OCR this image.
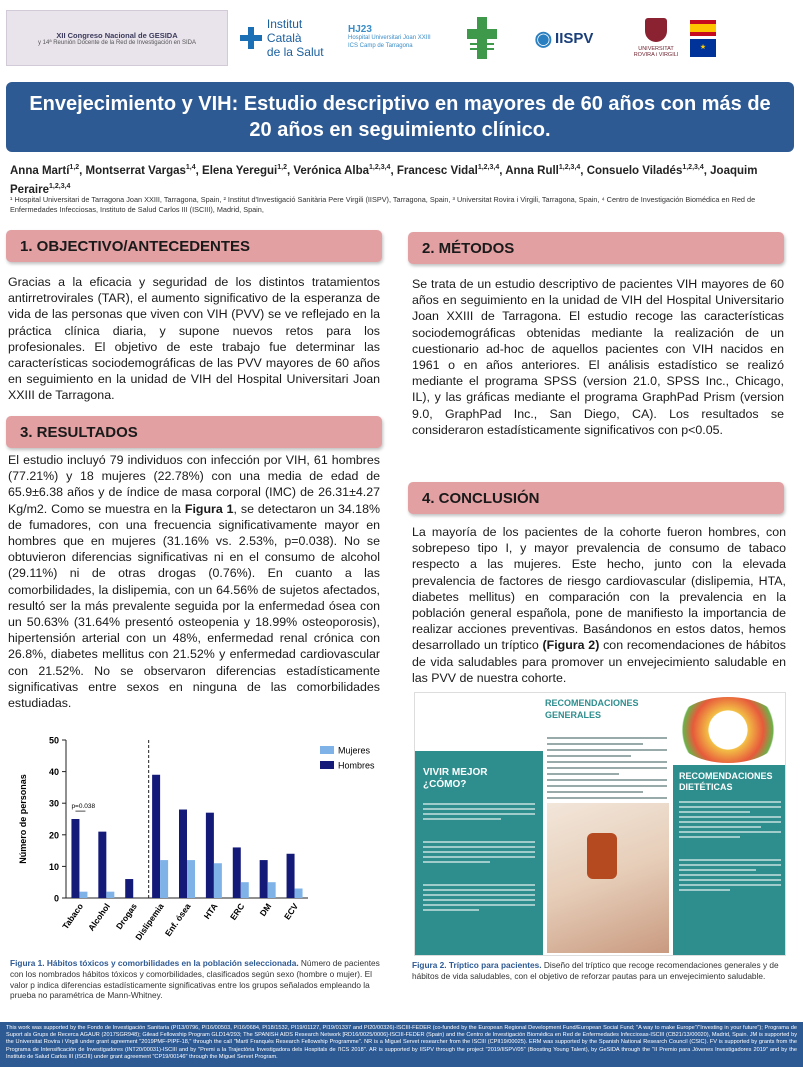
XII Congreso Nacional de GESIDA
y 14ª Reunión Docente de la Red de Investigación en SIDA
Institut Català
de la Salut
HJ23
Hospital Universitari Joan XXIII
ICS Camp de Tarragona	◉ IISPV
UNIVERSITAT
ROVIRA i VIRGILI
★
Envejecimiento y VIH: Estudio descriptivo en mayores de 60 años con más de 20 años en seguimiento clínico.
Anna Martí$^{1,2}$, Montserrat Vargas$^{1,4}$, Elena Yeregui$^{1,2}$, Verónica Alba$^{1,2,3,4}$, Francesc Vidal$^{1,2,3,4}$, Anna Rull$^{1,2,3,4}$, Consuelo Viladés$^{1,2,3,4}$, Joaquim Peraire$^{1,2,3,4}$
¹ Hospital Universitari de Tarragona Joan XXIII, Tarragona, Spain, ² Institut d'Investigació Sanitària Pere Virgili (IISPV), Tarragona, Spain, ³ Universitat Rovira i Virgili, Tarragona, Spain, ⁴ Centro de Investigación Biomédica en Red de Enfermedades Infecciosas, Instituto de Salud Carlos III (ISCIII), Madrid, Spain,
1. OBJECTIVO/ANTECEDENTES
Gracias a la eficacia y seguridad de los distintos tratamientos antirretrovirales (TAR), el aumento significativo de la esperanza de vida de las personas que viven con VIH (PVV) se ve reflejado en la práctica clínica diaria, y supone nuevos retos para los profesionales. El objetivo de este trabajo fue determinar las características sociodemográficas de las PVV mayores de 60 años en seguimiento en la unidad de VIH del Hospital Universitari Joan XXIII de Tarragona.
3. RESULTADOS
El estudio incluyó 79 individuos con infección por VIH, 61 hombres (77.21%) y 18 mujeres (22.78%) con una media de edad de 65.9±6.38 años y de índice de masa corporal (IMC) de 26.31±4.27 Kg/m2. Como se muestra en la Figura 1, se detectaron un 34.18% de fumadores, con una frecuencia significativamente mayor en hombres que en mujeres (31.16% vs. 2.53%, p=0.038). No se obtuvieron diferencias significativas ni en el consumo de alcohol (29.11%) ni de otras drogas (0.76%). En cuanto a las comorbilidades, la dislipemia, con un 64.56% de sujetos afectados, resultó ser la más prevalente seguida por la enfermedad ósea con un 50.63% (31.64% presentó osteopenia y 18.99% osteoporosis), hipertensión arterial con un 48%, enfermedad renal crónica con 26.8%, diabetes mellitus con 21.52% y enfermedad cardiovascular con 21.52%. No se observaron diferencias estadísticamente significativas entre sexos en ninguna de las comorbilidades estudiadas.
2. MÉTODOS
Se trata de un estudio descriptivo de pacientes VIH mayores de 60 años en seguimiento en la unidad de VIH del Hospital Universitario Joan XXIII de Tarragona. El estudio recoge las características sociodemográficas obtenidas mediante la realización de un cuestionario ad-hoc de aquellos pacientes con VIH nacidos en 1961 o en años anteriores. El análisis estadístico se realizó mediante el programa SPSS (version 21.0, SPSS Inc., Chicago, IL), y las gráficas mediante el programa GraphPad Prism (version 9.0, GraphPad Inc., San Diego, CA). Los resultados se consideraron estadísticamente significativos con p<0.05.
4. CONCLUSIÓN
La mayoría de los pacientes de la cohorte fueron hombres, con sobrepeso tipo I, y mayor prevalencia de consumo de tabaco respecto a las mujeres. Este hecho, junto con la elevada prevalencia de factores de riesgo cardiovascular (dislipemia, HTA, diabetes mellitus) en comparación con la prevalencia en la población general española, pone de manifiesto la importancia de realizar acciones preventivas. Basándonos en estos datos, hemos desarrollado un tríptico (Figura 2) con recomendaciones de hábitos de vida saludables para promover un envejecimiento saludable en las PVV de nuestra cohorte.
0
10
20
30
40
50
Número de personas
Tabaco Alcohol Drogas
Dislipemia
Enf. ósea HTA ERC DM ECV
p=0.038
Mujeres
Hombres
Figura 1. Hábitos tóxicos y comorbilidades en la población seleccionada. Número de pacientes con los nombrados hábitos tóxicos y comorbilidades, clasificados según sexo (hombre o mujer). El valor p indica diferencias estadísticamente significativas entre los grupos señalados empleando la prueba no paramétrica de Mann-Whitney.
VIVIR MEJOR
¿CÓMO?

RECOMENDACIONES
GENERALES
RECOMENDACIONES
DIETÉTICAS

Figura 2. Tríptico para pacientes. Diseño del tríptico que recoge recomendaciones generales y de hábitos de vida saludables, con el objetivo de reforzar pautas para un envejecimiento saludable.
This work was supported by the Fondo de Investigación Sanitaria (PI13/0796, PI16/00503, PI16/0684, PI18/1532, PI19/01127, PI19/01337 and PI20/00326)-ISCIII-FEDER (co-funded by the European Regional Development Fund/European Social Fund; "A way to make Europe"/"Investing in your future"); Programa de Suport als Grups de Recerca AGAUR (2017SGR948); Gilead Fellowship Program GLD14/293; The SPANISH AIDS Research Network [RD16/0025/0006]-ISCIII-FEDER (Spain) and the Centro de Investigación Biomédica en Red de Enfermedades Infecciosas-ISCIII (CB21/13/00020), Madrid, Spain. JM is supported by the Universitat Rovira i Virgili under grant agreement "2019PMF-PIPF-18," through the call "Martí Franquès Research Fellowship Programme". NR is a Miguel Servet researcher from the ISCIII (CPII19/00025). ERM was supported by the Spanish National Research Council (CSIC). FV is supported by grants from the Programa de Intensificación de Investigadores (INT20/00031)-ISCIII and by "Premi a la Trajectòria Investigadora dels Hospitals de l'ICS 2018". AR is supported by IISPV through the project "2019/IISPV/05" (Boosting Young Talent), by GeSIDA through the "II Premio para Jóvenes Investigadores 2019" and by the Instituto de Salud Carlos III (ISCIII) under grant agreement "CP19/00146" through the Miguel Servet Program.
